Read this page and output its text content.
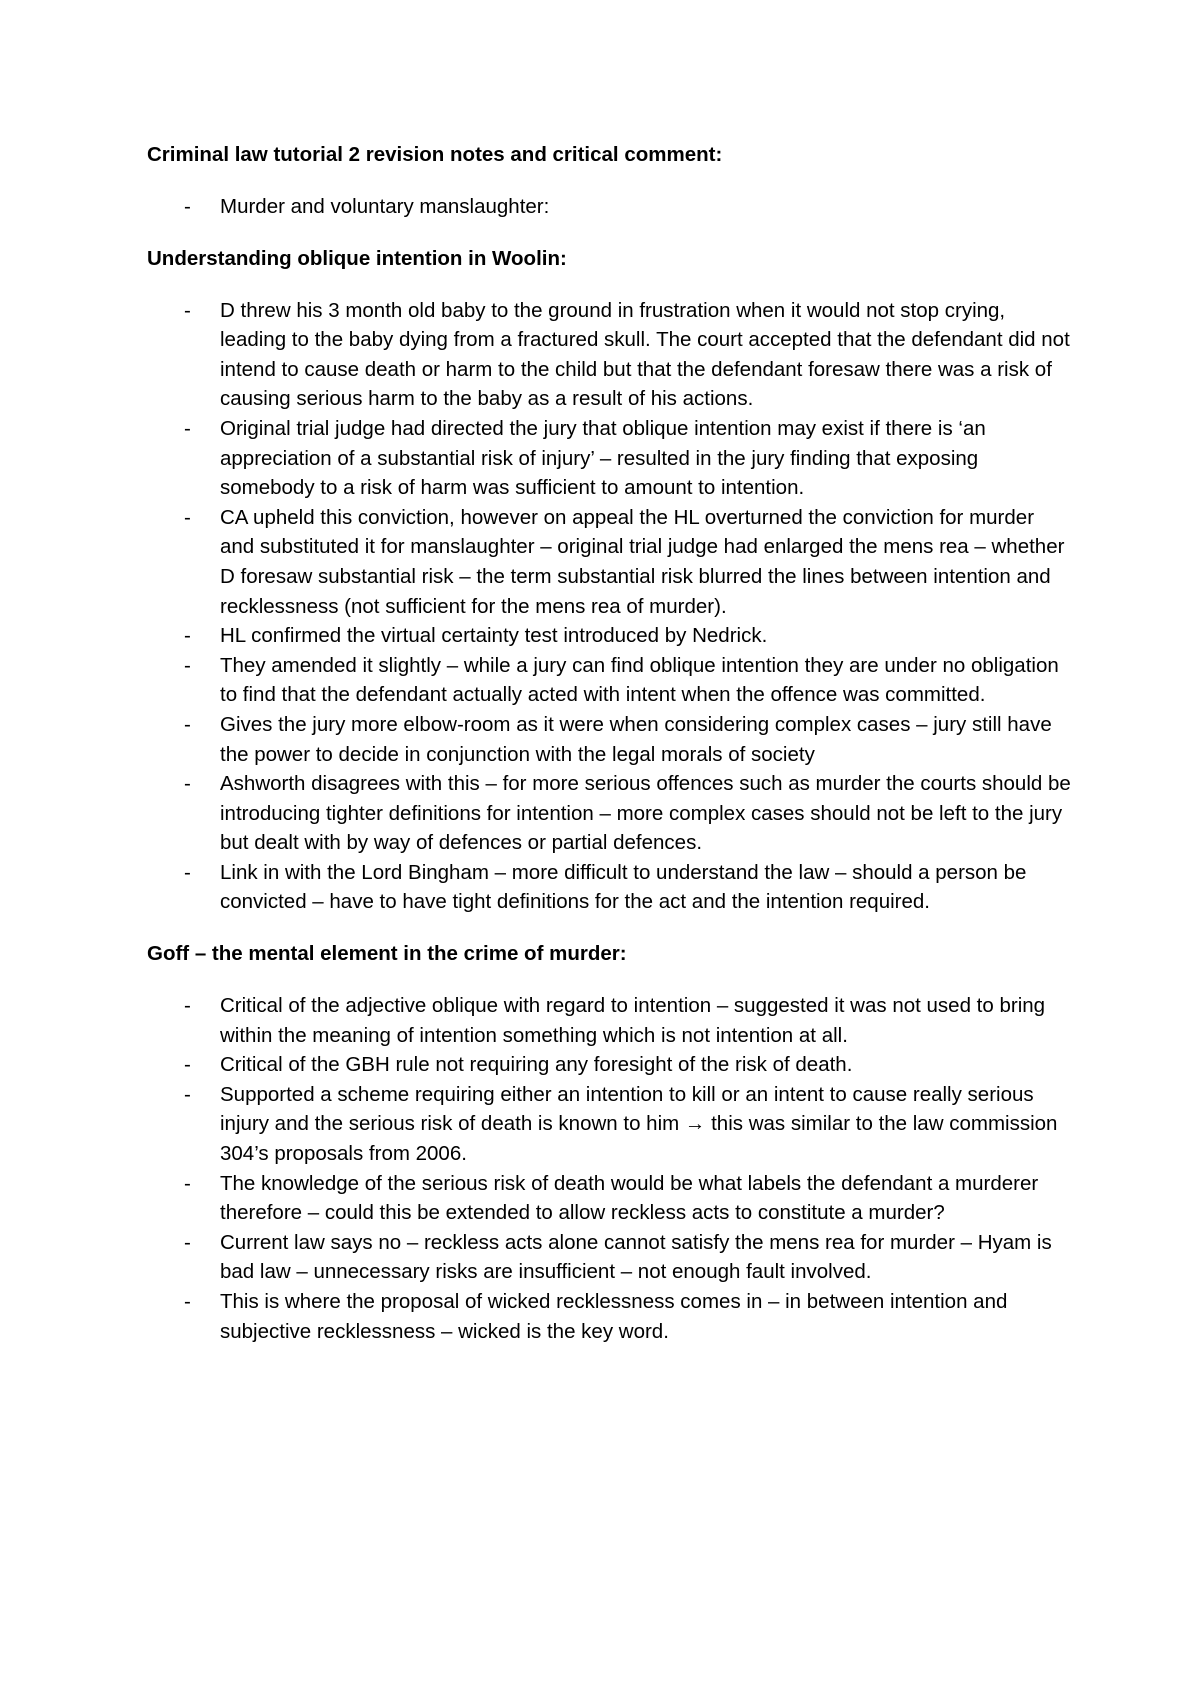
Criminal law tutorial 2 revision notes and critical comment:

- Murder and voluntary manslaughter:

Understanding oblique intention in Woolin:

- D threw his 3 month old baby to the ground in frustration when it would not stop crying, leading to the baby dying from a fractured skull. The court accepted that the defendant did not intend to cause death or harm to the child but that the defendant foresaw there was a risk of causing serious harm to the baby as a result of his actions.
- Original trial judge had directed the jury that oblique intention may exist if there is ‘an appreciation of a substantial risk of injury’ – resulted in the jury finding that exposing somebody to a risk of harm was sufficient to amount to intention.
- CA upheld this conviction, however on appeal the HL overturned the conviction for murder and substituted it for manslaughter – original trial judge had enlarged the mens rea – whether D foresaw substantial risk – the term substantial risk blurred the lines between intention and recklessness (not sufficient for the mens rea of murder).
- HL confirmed the virtual certainty test introduced by Nedrick.
- They amended it slightly – while a jury can find oblique intention they are under no obligation to find that the defendant actually acted with intent when the offence was committed.
- Gives the jury more elbow-room as it were when considering complex cases – jury still have the power to decide in conjunction with the legal morals of society
- Ashworth disagrees with this – for more serious offences such as murder the courts should be introducing tighter definitions for intention – more complex cases should not be left to the jury but dealt with by way of defences or partial defences.
- Link in with the Lord Bingham – more difficult to understand the law – should a person be convicted – have to have tight definitions for the act and the intention required.

Goff – the mental element in the crime of murder:

- Critical of the adjective oblique with regard to intention – suggested it was not used to bring within the meaning of intention something which is not intention at all.
- Critical of the GBH rule not requiring any foresight of the risk of death.
- Supported a scheme requiring either an intention to kill or an intent to cause really serious injury and the serious risk of death is known to him → this was similar to the law commission 304’s proposals from 2006.
- The knowledge of the serious risk of death would be what labels the defendant a murderer therefore – could this be extended to allow reckless acts to constitute a murder?
- Current law says no – reckless acts alone cannot satisfy the mens rea for murder – Hyam is bad law – unnecessary risks are insufficient – not enough fault involved.
- This is where the proposal of wicked recklessness comes in – in between intention and subjective recklessness – wicked is the key word.
